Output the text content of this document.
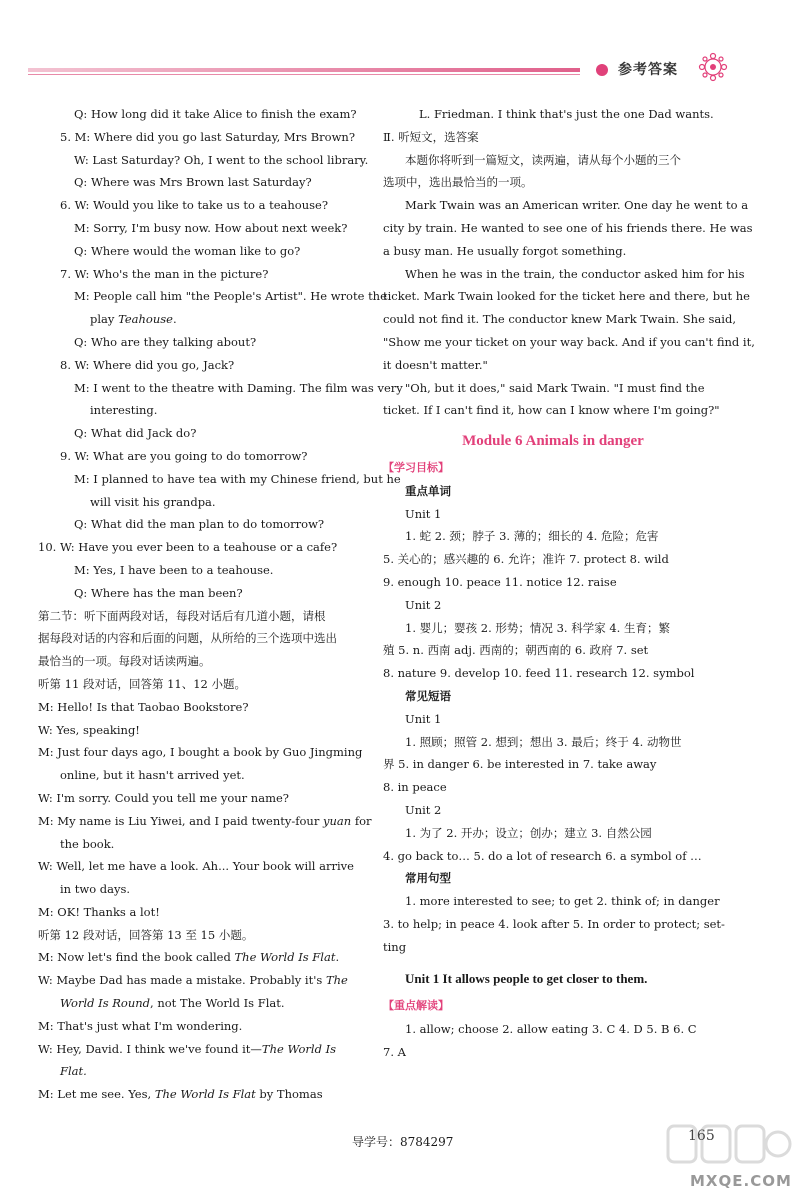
参考答案
Q: How long did it take Alice to finish the exam?
5. M: Where did you go last Saturday, Mrs Brown?
W: Last Saturday? Oh, I went to the school library.
Q: Where was Mrs Brown last Saturday?
6. W: Would you like to take us to a teahouse?
M: Sorry, I'm busy now. How about next week?
Q: Where would the woman like to go?
7. W: Who's the man in the picture?
M: People call him "the People's Artist". He wrote the
play Teahouse.
Q: Who are they talking about?
8. W: Where did you go, Jack?
M: I went to the theatre with Daming. The film was very
interesting.
Q: What did Jack do?
9. W: What are you going to do tomorrow?
M: I planned to have tea with my Chinese friend, but he
will visit his grandpa.
Q: What did the man plan to do tomorrow?
10. W: Have you ever been to a teahouse or a cafe?
M: Yes, I have been to a teahouse.
Q: Where has the man been?
第二节：听下面两段对话，每段对话后有几道小题，请根
据每段对话的内容和后面的问题，从所给的三个选项中选出
最恰当的一项。每段对话读两遍。
听第 11 段对话，回答第 11、12 小题。
M: Hello! Is that Taobao Bookstore?
W: Yes, speaking!
M: Just four days ago, I bought a book by Guo Jingming
online, but it hasn't arrived yet.
W: I'm sorry. Could you tell me your name?
M: My name is Liu Yiwei, and I paid twenty-four yuan for
the book.
W: Well, let me have a look. Ah... Your book will arrive
in two days.
M: OK! Thanks a lot!
听第 12 段对话，回答第 13 至 15 小题。
M: Now let's find the book called The World Is Flat.
W: Maybe Dad has made a mistake. Probably it's The
World Is Round, not The World Is Flat.
M: That's just what I'm wondering.
W: Hey, David. I think we've found it—The World Is
Flat.
M: Let me see. Yes, The World Is Flat by Thomas
L. Friedman. I think that's just the one Dad wants.
Ⅱ. 听短文，选答案
本题你将听到一篇短文，读两遍，请从每个小题的三个
选项中，选出最恰当的一项。
Mark Twain was an American writer. One day he went to a
city by train. He wanted to see one of his friends there. He was
a busy man. He usually forgot something.
When he was in the train, the conductor asked him for his
ticket. Mark Twain looked for the ticket here and there, but he
could not find it. The conductor knew Mark Twain. She said,
"Show me your ticket on your way back. And if you can't find it,
it doesn't matter."
"Oh, but it does," said Mark Twain. "I must find the
ticket. If I can't find it, how can I know where I'm going?"
Module 6 Animals in danger
【学习目标】
重点单词
Unit 1
1. 蛇 2. 颈；脖子 3. 薄的；细长的 4. 危险；危害
5. 关心的；感兴趣的 6. 允许；准许 7. protect 8. wild
9. enough 10. peace 11. notice 12. raise
Unit 2
1. 婴儿；婴孩 2. 形势；情况 3. 科学家 4. 生育；繁
殖 5. n. 西南 adj. 西南的；朝西南的 6. 政府 7. set
8. nature 9. develop 10. feed 11. research 12. symbol
常见短语
Unit 1
1. 照顾；照管 2. 想到；想出 3. 最后；终于 4. 动物世
界 5. in danger 6. be interested in 7. take away
8. in peace
Unit 2
1. 为了 2. 开办；设立；创办；建立 3. 自然公园
4. go back to… 5. do a lot of research 6. a symbol of …
常用句型
1. more interested to see; to get 2. think of; in danger
3. to help; in peace 4. look after 5. In order to protect; set-
ting
Unit 1 It allows people to get closer to them.
【重点解读】
1. allow; choose 2. allow eating 3. C 4. D 5. B 6. C
7. A
导学号：8784297	165
MXQE.COM
